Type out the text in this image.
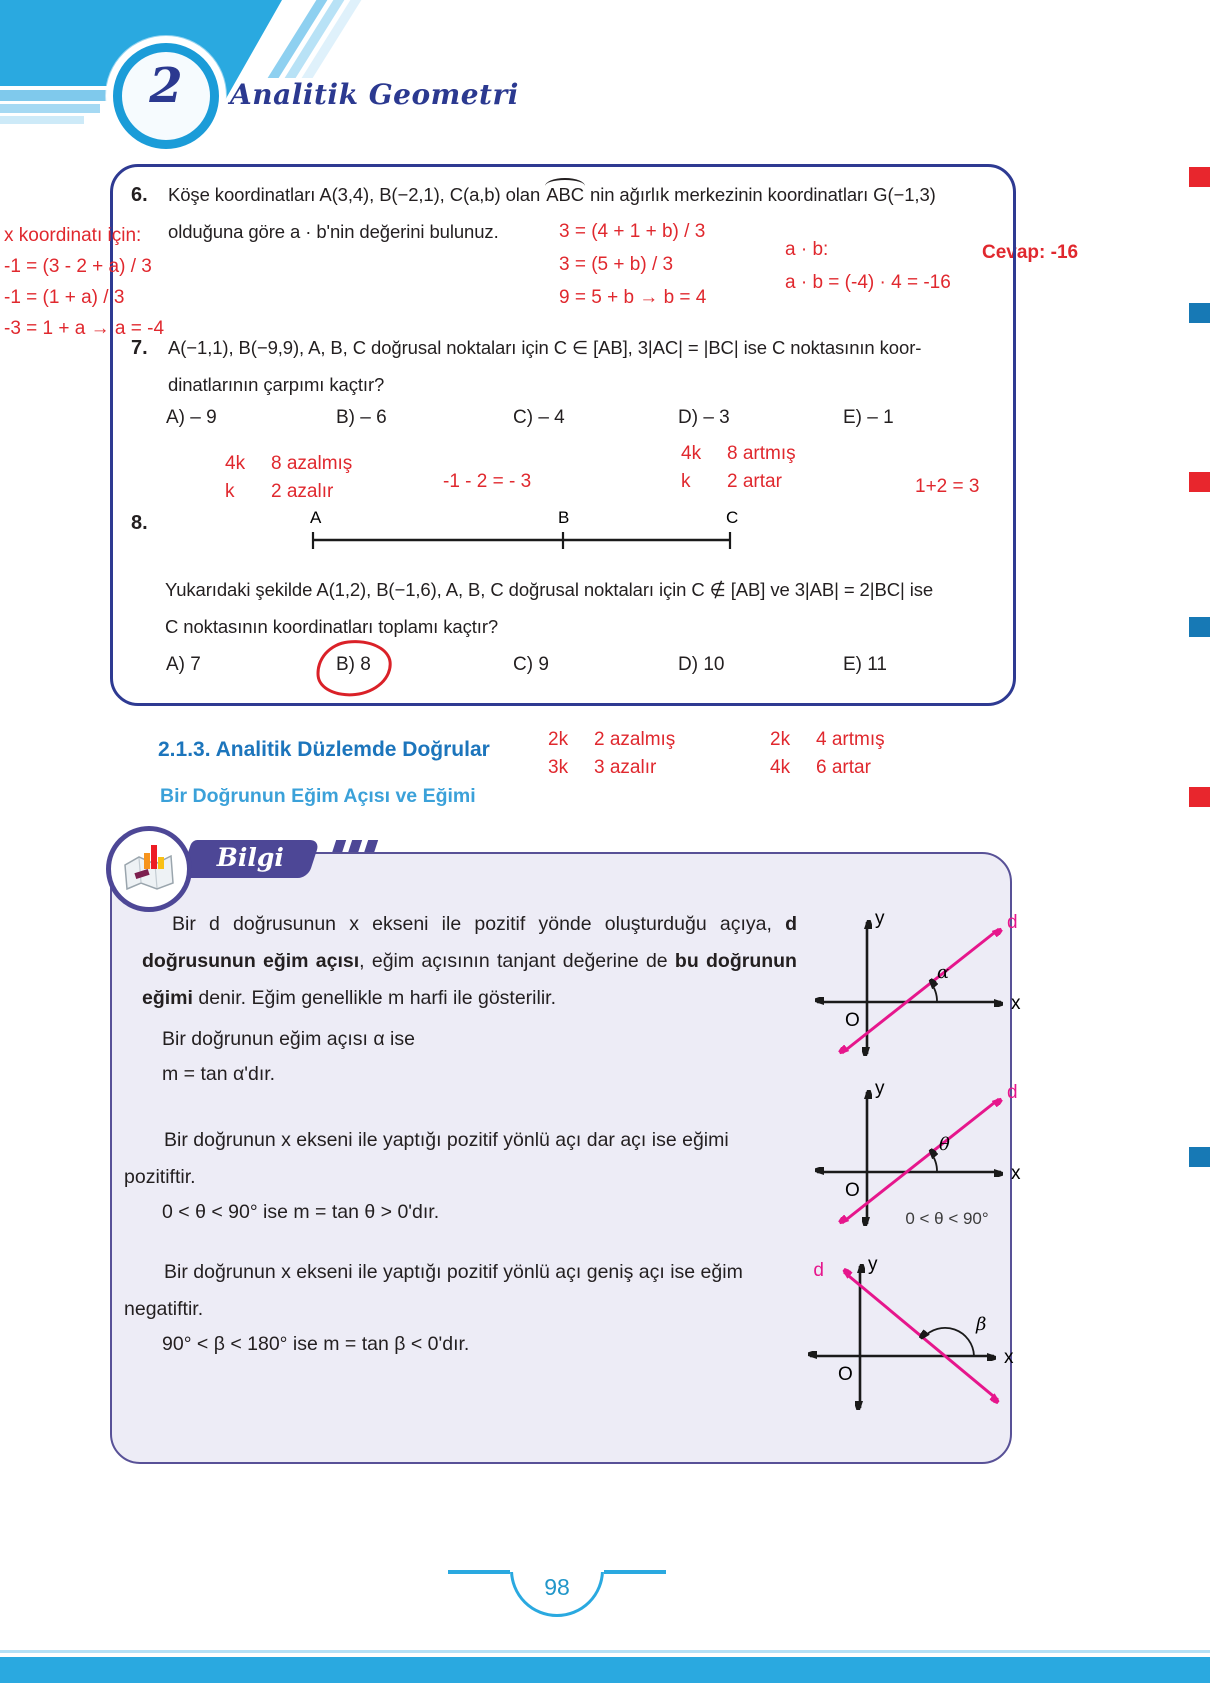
2	Analitik Geometri
x koordinatı için:
-1 = (3 - 2 + a) / 3
-1 = (1 + a) / 3
-3 = 1 + a → a = -4
Cevap: -16
6. Köşe koordinatları A(3,4), B(−2,1), C(a,b) olan ABC nin ağırlık merkezinin koordinatları G(−1,3)
olduğuna göre a · b'nin değerini bulunuz.	3 = (4 + 1 + b) / 3
3 = (5 + b) / 3
9 = 5 + b → b = 4
a · b:
a · b = (-4) · 4 = -16
7. A(−1,1), B(−9,9), A, B, C doğrusal noktaları için C ∈ [AB], 3|AC| = |BC| ise C noktasının koor-
dinatlarının çarpımı kaçtır?
A) – 9	B) – 6	C) – 4	D) – 3	E) – 1
4k 8 azalmış
k 2 azalır	-1 - 2 = - 3
4k 8 artmış
k 2 artar	1+2 = 3
8.	A	B	C
Yukarıdaki şekilde A(1,2), B(−1,6), A, B, C doğrusal noktaları için C ∉ [AB] ve 3|AB| = 2|BC| ise
C noktasının koordinatları toplamı kaçtır?
A) 7	B) 8	C) 9	D) 10	E) 11
2.1.3. Analitik Düzlemde Doğrular	2k 2 azalmış
3k 3 azalır
2k 4 artmış
4k 6 artar
Bir Doğrunun Eğim Açısı ve Eğimi
Bilgi
Bir d doğrusunun x ekseni ile pozitif yönde oluşturduğu açıya, d doğrusunun eğim açısı, eğim açısının tanjant değerine de bu doğrunun eğimi denir. Eğim genellikle m harfi ile gösterilir.
Bir doğrunun eğim açısı α ise
m = tan α'dır.
Bir doğrunun x ekseni ile yaptığı pozitif yönlü açı dar açı ise eğimi pozitiftir.
0 < θ < 90° ise m = tan θ > 0'dır.
Bir doğrunun x ekseni ile yaptığı pozitif yönlü açı geniş açı ise eğim negatiftir.
90° < β < 180° ise m = tan β < 0'dır.
y
x
O
d
α
y
x
O
d
θ
0 < θ < 90°
y
x
O
d
β
98
